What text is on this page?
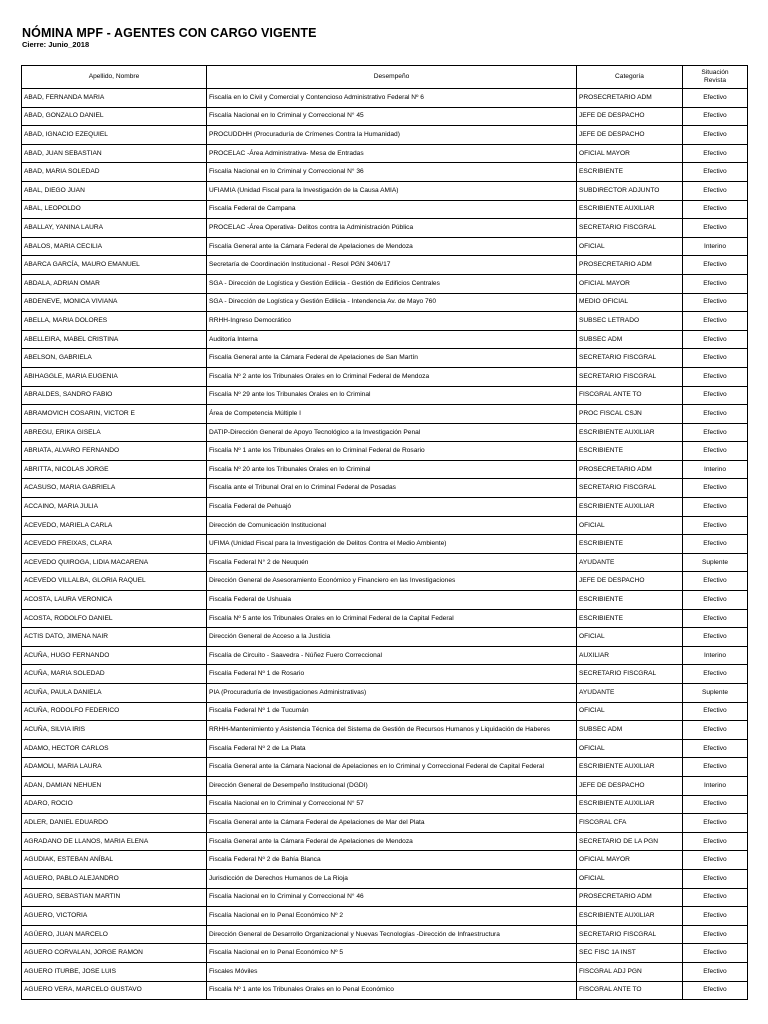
NÓMINA MPF - AGENTES CON CARGO VIGENTE
Cierre: Junio_2018
Apellido, Nombre	Desempeño	Categoría	Situación Revista
ABAD, FERNANDA MARIA	Fiscalía en lo Civil y Comercial y Contencioso Administrativo Federal Nº 6	PROSECRETARIO ADM	Efectivo
ABAD, GONZALO DANIEL	Fiscalía Nacional en lo Criminal y Correccional N° 45	JEFE DE DESPACHO	Efectivo
ABAD, IGNACIO EZEQUIEL	PROCUDDHH (Procuraduría de Crímenes Contra la Humanidad)	JEFE DE DESPACHO	Efectivo
ABAD, JUAN SEBASTIAN	PROCELAC -Área Administrativa- Mesa de Entradas	OFICIAL MAYOR	Efectivo
ABAD, MARIA SOLEDAD	Fiscalía Nacional en lo Criminal y Correccional N° 36	ESCRIBIENTE	Efectivo
ABAL, DIEGO JUAN	UFIAMIA (Unidad Fiscal para la Investigación de la Causa AMIA)	SUBDIRECTOR ADJUNTO	Efectivo
ABAL, LEOPOLDO	Fiscalía Federal de Campana	ESCRIBIENTE AUXILIAR	Efectivo
ABALLAY, YANINA LAURA	PROCELAC -Área Operativa- Delitos contra la Administración Pública	SECRETARIO FISCGRAL	Efectivo
ABALOS, MARIA CECILIA	Fiscalía General ante la Cámara Federal de Apelaciones de Mendoza	OFICIAL	Interino
ABARCA GARCÍA, MAURO EMANUEL	Secretaría de Coordinación Institucional - Resol PGN 3406/17	PROSECRETARIO ADM	Efectivo
ABDALA, ADRIAN OMAR	SGA - Dirección de Logística y Gestión Edilicia - Gestión de Edificios Centrales	OFICIAL MAYOR	Efectivo
ABDENEVE, MONICA VIVIANA	SGA - Dirección de Logística y Gestión Edilicia - Intendencia Av. de Mayo 760	MEDIO OFICIAL	Efectivo
ABELLA, MARIA DOLORES	RRHH-Ingreso Democrático	SUBSEC LETRADO	Efectivo
ABELLEIRA, MABEL CRISTINA	Auditoría Interna	SUBSEC ADM	Efectivo
ABELSON, GABRIELA	Fiscalía General ante la Cámara Federal de Apelaciones de San Martín	SECRETARIO FISCGRAL	Efectivo
ABIHAGGLE, MARIA EUGENIA	Fiscalía Nº 2 ante los Tribunales Orales en lo Criminal Federal de Mendoza	SECRETARIO FISCGRAL	Efectivo
ABRALDES, SANDRO FABIO	Fiscalía Nº 29 ante los Tribunales Orales en lo Criminal	FISCGRAL ANTE TO	Efectivo
ABRAMOVICH COSARIN, VICTOR E	Área de Competencia Múltiple I	PROC FISCAL CSJN	Efectivo
ABREGU, ERIKA GISELA	DATIP-Dirección General de Apoyo Tecnológico a la Investigación Penal	ESCRIBIENTE AUXILIAR	Efectivo
ABRIATA, ALVARO FERNANDO	Fiscalía Nº 1 ante los Tribunales Orales en lo Criminal Federal de Rosario	ESCRIBIENTE	Efectivo
ABRITTA, NICOLAS JORGE	Fiscalía Nº 20 ante los Tribunales Orales en lo Criminal	PROSECRETARIO ADM	Interino
ACASUSO, MARIA GABRIELA	Fiscalía ante el Tribunal Oral en lo Criminal Federal de Posadas	SECRETARIO FISCGRAL	Efectivo
ACCAINO, MARIA JULIA	Fiscalía Federal de Pehuajó	ESCRIBIENTE AUXILIAR	Efectivo
ACEVEDO, MARIELA CARLA	Dirección de Comunicación Institucional	OFICIAL	Efectivo
ACEVEDO FREIXAS, CLARA	UFIMA (Unidad Fiscal para la Investigación de Delitos Contra el Medio Ambiente)	ESCRIBIENTE	Efectivo
ACEVEDO QUIROGA, LIDIA MACARENA	Fiscalía Federal N° 2 de Neuquén	AYUDANTE	Suplente
ACEVEDO VILLALBA, GLORIA RAQUEL	Dirección General de Asesoramiento Económico y Financiero en las Investigaciones	JEFE DE DESPACHO	Efectivo
ACOSTA, LAURA VERONICA	Fiscalía Federal de Ushuaia	ESCRIBIENTE	Efectivo
ACOSTA, RODOLFO DANIEL	Fiscalía Nº 5 ante los Tribunales Orales en lo Criminal Federal de la Capital Federal	ESCRIBIENTE	Efectivo
ACTIS DATO, JIMENA NAIR	Dirección General de Acceso a la Justicia	OFICIAL	Efectivo
ACUÑA, HUGO FERNANDO	Fiscalía de Circuito - Saavedra - Núñez Fuero Correccional	AUXILIAR	Interino
ACUÑA, MARIA SOLEDAD	Fiscalía Federal Nº 1 de Rosario	SECRETARIO FISCGRAL	Efectivo
ACUÑA, PAULA DANIELA	PIA (Procuraduría de Investigaciones Administrativas)	AYUDANTE	Suplente
ACUÑA, RODOLFO FEDERICO	Fiscalía Federal Nº 1 de Tucumán	OFICIAL	Efectivo
ACUÑA, SILVIA IRIS	RRHH-Mantenimiento y Asistencia Técnica del Sistema de Gestión de Recursos Humanos y Liquidación de Haberes	SUBSEC ADM	Efectivo
ADAMO, HECTOR CARLOS	Fiscalía Federal Nº 2 de La Plata	OFICIAL	Efectivo
ADAMOLI, MARIA LAURA	Fiscalía General ante la Cámara Nacional de Apelaciones en lo Criminal y Correccional Federal de Capital Federal	ESCRIBIENTE AUXILIAR	Efectivo
ADAN, DAMIAN NEHUEN	Dirección General de Desempeño Institucional (DGDI)	JEFE DE DESPACHO	Interino
ADARO, ROCIO	Fiscalía Nacional en lo Criminal y Correccional N° 57	ESCRIBIENTE AUXILIAR	Efectivo
ADLER, DANIEL EDUARDO	Fiscalía General ante la Cámara Federal de Apelaciones de Mar del Plata	FISCGRAL CFA	Efectivo
AGRADANO DE LLANOS, MARIA ELENA	Fiscalía General ante la Cámara Federal de Apelaciones de Mendoza	SECRETARIO DE LA PGN	Efectivo
AGUDIAK, ESTEBAN ANÍBAL	Fiscalía Federal Nº 2 de Bahía Blanca	OFICIAL MAYOR	Efectivo
AGUERO, PABLO ALEJANDRO	Jurisdicción de Derechos Humanos de La Rioja	OFICIAL	Efectivo
AGUERO, SEBASTIAN MARTIN	Fiscalía Nacional en lo Criminal y Correccional N° 46	PROSECRETARIO ADM	Efectivo
AGUERO, VICTORIA	Fiscalía Nacional en lo Penal Económico Nº 2	ESCRIBIENTE AUXILIAR	Efectivo
AGÜERO, JUAN MARCELO	Dirección General de Desarrollo Organizacional y Nuevas Tecnologías -Dirección de Infraestructura	SECRETARIO FISCGRAL	Efectivo
AGUERO CORVALAN, JORGE RAMON	Fiscalía Nacional en lo Penal Económico Nº 5	SEC FISC 1A INST	Efectivo
AGUERO ITURBE, JOSE LUIS	Fiscales Móviles	FISCGRAL ADJ PGN	Efectivo
AGUERO VERA, MARCELO GUSTAVO	Fiscalía Nº 1 ante los Tribunales Orales en lo Penal Económico	FISCGRAL ANTE TO	Efectivo
